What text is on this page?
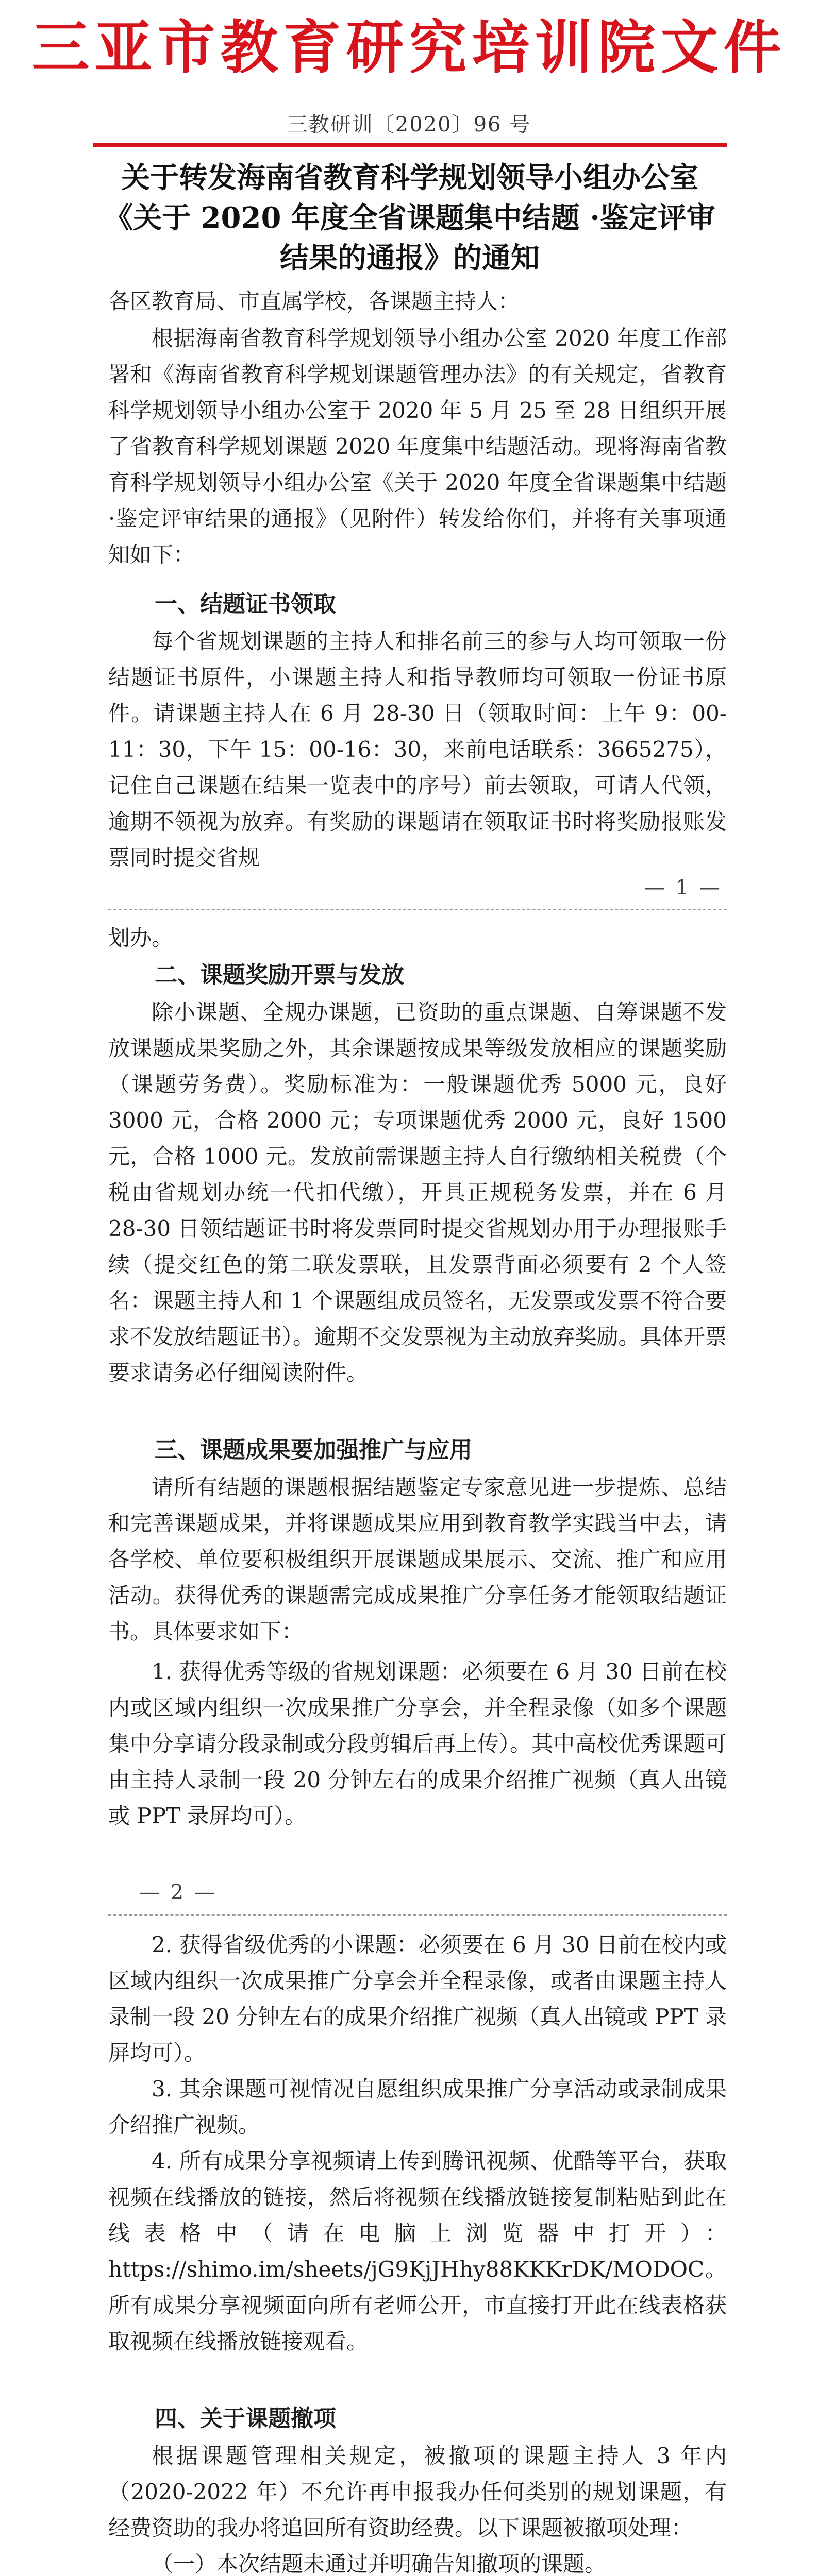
三亚市教育研究培训院文件
三教研训〔2020〕96 号
关于转发海南省教育科学规划领导小组办公室《关于 2020 年度全省课题集中结题 ·鉴定评审结果的通报》的通知
各区教育局、市直属学校，各课题主持人：
根据海南省教育科学规划领导小组办公室 2020 年度工作部署和《海南省教育科学规划课题管理办法》的有关规定，省教育科学规划领导小组办公室于 2020 年 5 月 25 至 28 日组织开展了省教育科学规划课题 2020 年度集中结题活动。现将海南省教育科学规划领导小组办公室《关于 2020 年度全省课题集中结题 ·鉴定评审结果的通报》（见附件）转发给你们，并将有关事项通知如下：
一、结题证书领取
每个省规划课题的主持人和排名前三的参与人均可领取一份结题证书原件，小课题主持人和指导教师均可领取一份证书原件。请课题主持人在 6 月 28-30 日（领取时间：上午 9：00-11：30，下午 15：00-16：30，来前电话联系：3665275），记住自己课题在结果一览表中的序号）前去领取，可请人代领，逾期不领视为放弃。有奖励的课题请在领取证书时将奖励报账发票同时提交省规
— 1 —
划办。
二、课题奖励开票与发放
除小课题、全规办课题，已资助的重点课题、自筹课题不发放课题成果奖励之外，其余课题按成果等级发放相应的课题奖励（课题劳务费）。奖励标准为：一般课题优秀 5000 元，良好 3000 元，合格 2000 元；专项课题优秀 2000 元，良好 1500 元，合格 1000 元。发放前需课题主持人自行缴纳相关税费（个税由省规划办统一代扣代缴），开具正规税务发票，并在 6 月 28-30 日领结题证书时将发票同时提交省规划办用于办理报账手续（提交红色的第二联发票联，且发票背面必须要有 2 个人签名：课题主持人和 1 个课题组成员签名，无发票或发票不符合要求不发放结题证书）。逾期不交发票视为主动放弃奖励。具体开票要求请务必仔细阅读附件。
三、课题成果要加强推广与应用
请所有结题的课题根据结题鉴定专家意见进一步提炼、总结和完善课题成果，并将课题成果应用到教育教学实践当中去，请各学校、单位要积极组织开展课题成果展示、交流、推广和应用活动。获得优秀的课题需完成成果推广分享任务才能领取结题证书。具体要求如下：
1. 获得优秀等级的省规划课题：必须要在 6 月 30 日前在校内或区域内组织一次成果推广分享会，并全程录像（如多个课题集中分享请分段录制或分段剪辑后再上传）。其中高校优秀课题可由主持人录制一段 20 分钟左右的成果介绍推广视频（真人出镜或 PPT 录屏均可）。
— 2 —
2. 获得省级优秀的小课题：必须要在 6 月 30 日前在校内或区域内组织一次成果推广分享会并全程录像，或者由课题主持人录制一段 20 分钟左右的成果介绍推广视频（真人出镜或 PPT 录屏均可）。
3. 其余课题可视情况自愿组织成果推广分享活动或录制成果介绍推广视频。
4. 所有成果分享视频请上传到腾讯视频、优酷等平台，获取视频在线播放的链接，然后将视频在线播放链接复制粘贴到此在线表格中（请在电脑上浏览器中打开）：https://shimo.im/sheets/jG9KjJHhy88KKKrDK/MODOC。所有成果分享视频面向所有老师公开，市直接打开此在线表格获取视频在线播放链接观看。
四、关于课题撤项
根据课题管理相关规定，被撤项的课题主持人 3 年内（2020-2022 年）不允许再申报我办任何类别的规划课题，有经费资助的我办将追回所有资助经费。以下课题被撤项处理：
（一）本次结题未通过并明确告知撤项的课题。
